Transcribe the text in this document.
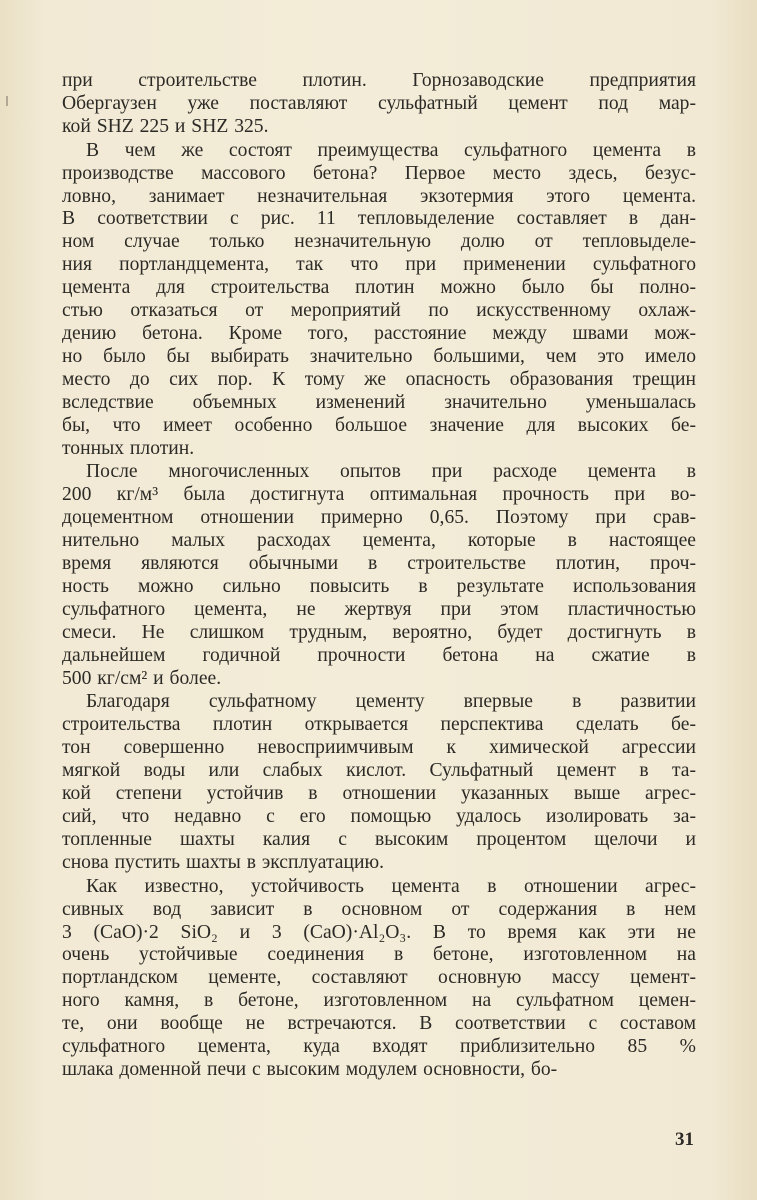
при строительстве плотин. Горнозаводские предприятия
Обергаузен уже поставляют сульфатный цемент под мар-
кой SHZ 225 и SHZ 325.

В чем же состоят преимущества сульфатного цемента в
производстве массового бетона? Первое место здесь, безус-
ловно, занимает незначительная экзотермия этого цемента.
В соответствии с рис. 11 тепловыделение составляет в дан-
ном случае только незначительную долю от тепловыделе-
ния портландцемента, так что при применении сульфатного
цемента для строительства плотин можно было бы полно-
стью отказаться от мероприятий по искусственному охлаж-
дению бетона. Кроме того, расстояние между швами мож-
но было бы выбирать значительно большими, чем это имело
место до сих пор. К тому же опасность образования трещин
вследствие объемных изменений значительно уменьшалась
бы, что имеет особенно большое значение для высоких бе-
тонных плотин.

После многочисленных опытов при расходе цемента в
200 кг/м³ была достигнута оптимальная прочность при во-
доцементном отношении примерно 0,65. Поэтому при срав-
нительно малых расходах цемента, которые в настоящее
время являются обычными в строительстве плотин, проч-
ность можно сильно повысить в результате использования
сульфатного цемента, не жертвуя при этом пластичностью
смеси. Не слишком трудным, вероятно, будет достигнуть в
дальнейшем годичной прочности бетона на сжатие в
500 кг/см² и более.

Благодаря сульфатному цементу впервые в развитии
строительства плотин открывается перспектива сделать бе-
тон совершенно невосприимчивым к химической агрессии
мягкой воды или слабых кислот. Сульфатный цемент в та-
кой степени устойчив в отношении указанных выше агрес-
сий, что недавно с его помощью удалось изолировать за-
топленные шахты калия с высоким процентом щелочи и
снова пустить шахты в эксплуатацию.

Как известно, устойчивость цемента в отношении агрес-
сивных вод зависит в основном от содержания в нем
3 (CaO)·2 SiO₂ и 3 (CaO)·Al₂O₃. В то время как эти не
очень устойчивые соединения в бетоне, изготовленном на
портландском цементе, составляют основную массу цемент-
ного камня, в бетоне, изготовленном на сульфатном цемен-
те, они вообще не встречаются. В соответствии с составом
сульфатного цемента, куда входят приблизительно 85 %
шлака доменной печи с высоким модулем основности, бо-

31
